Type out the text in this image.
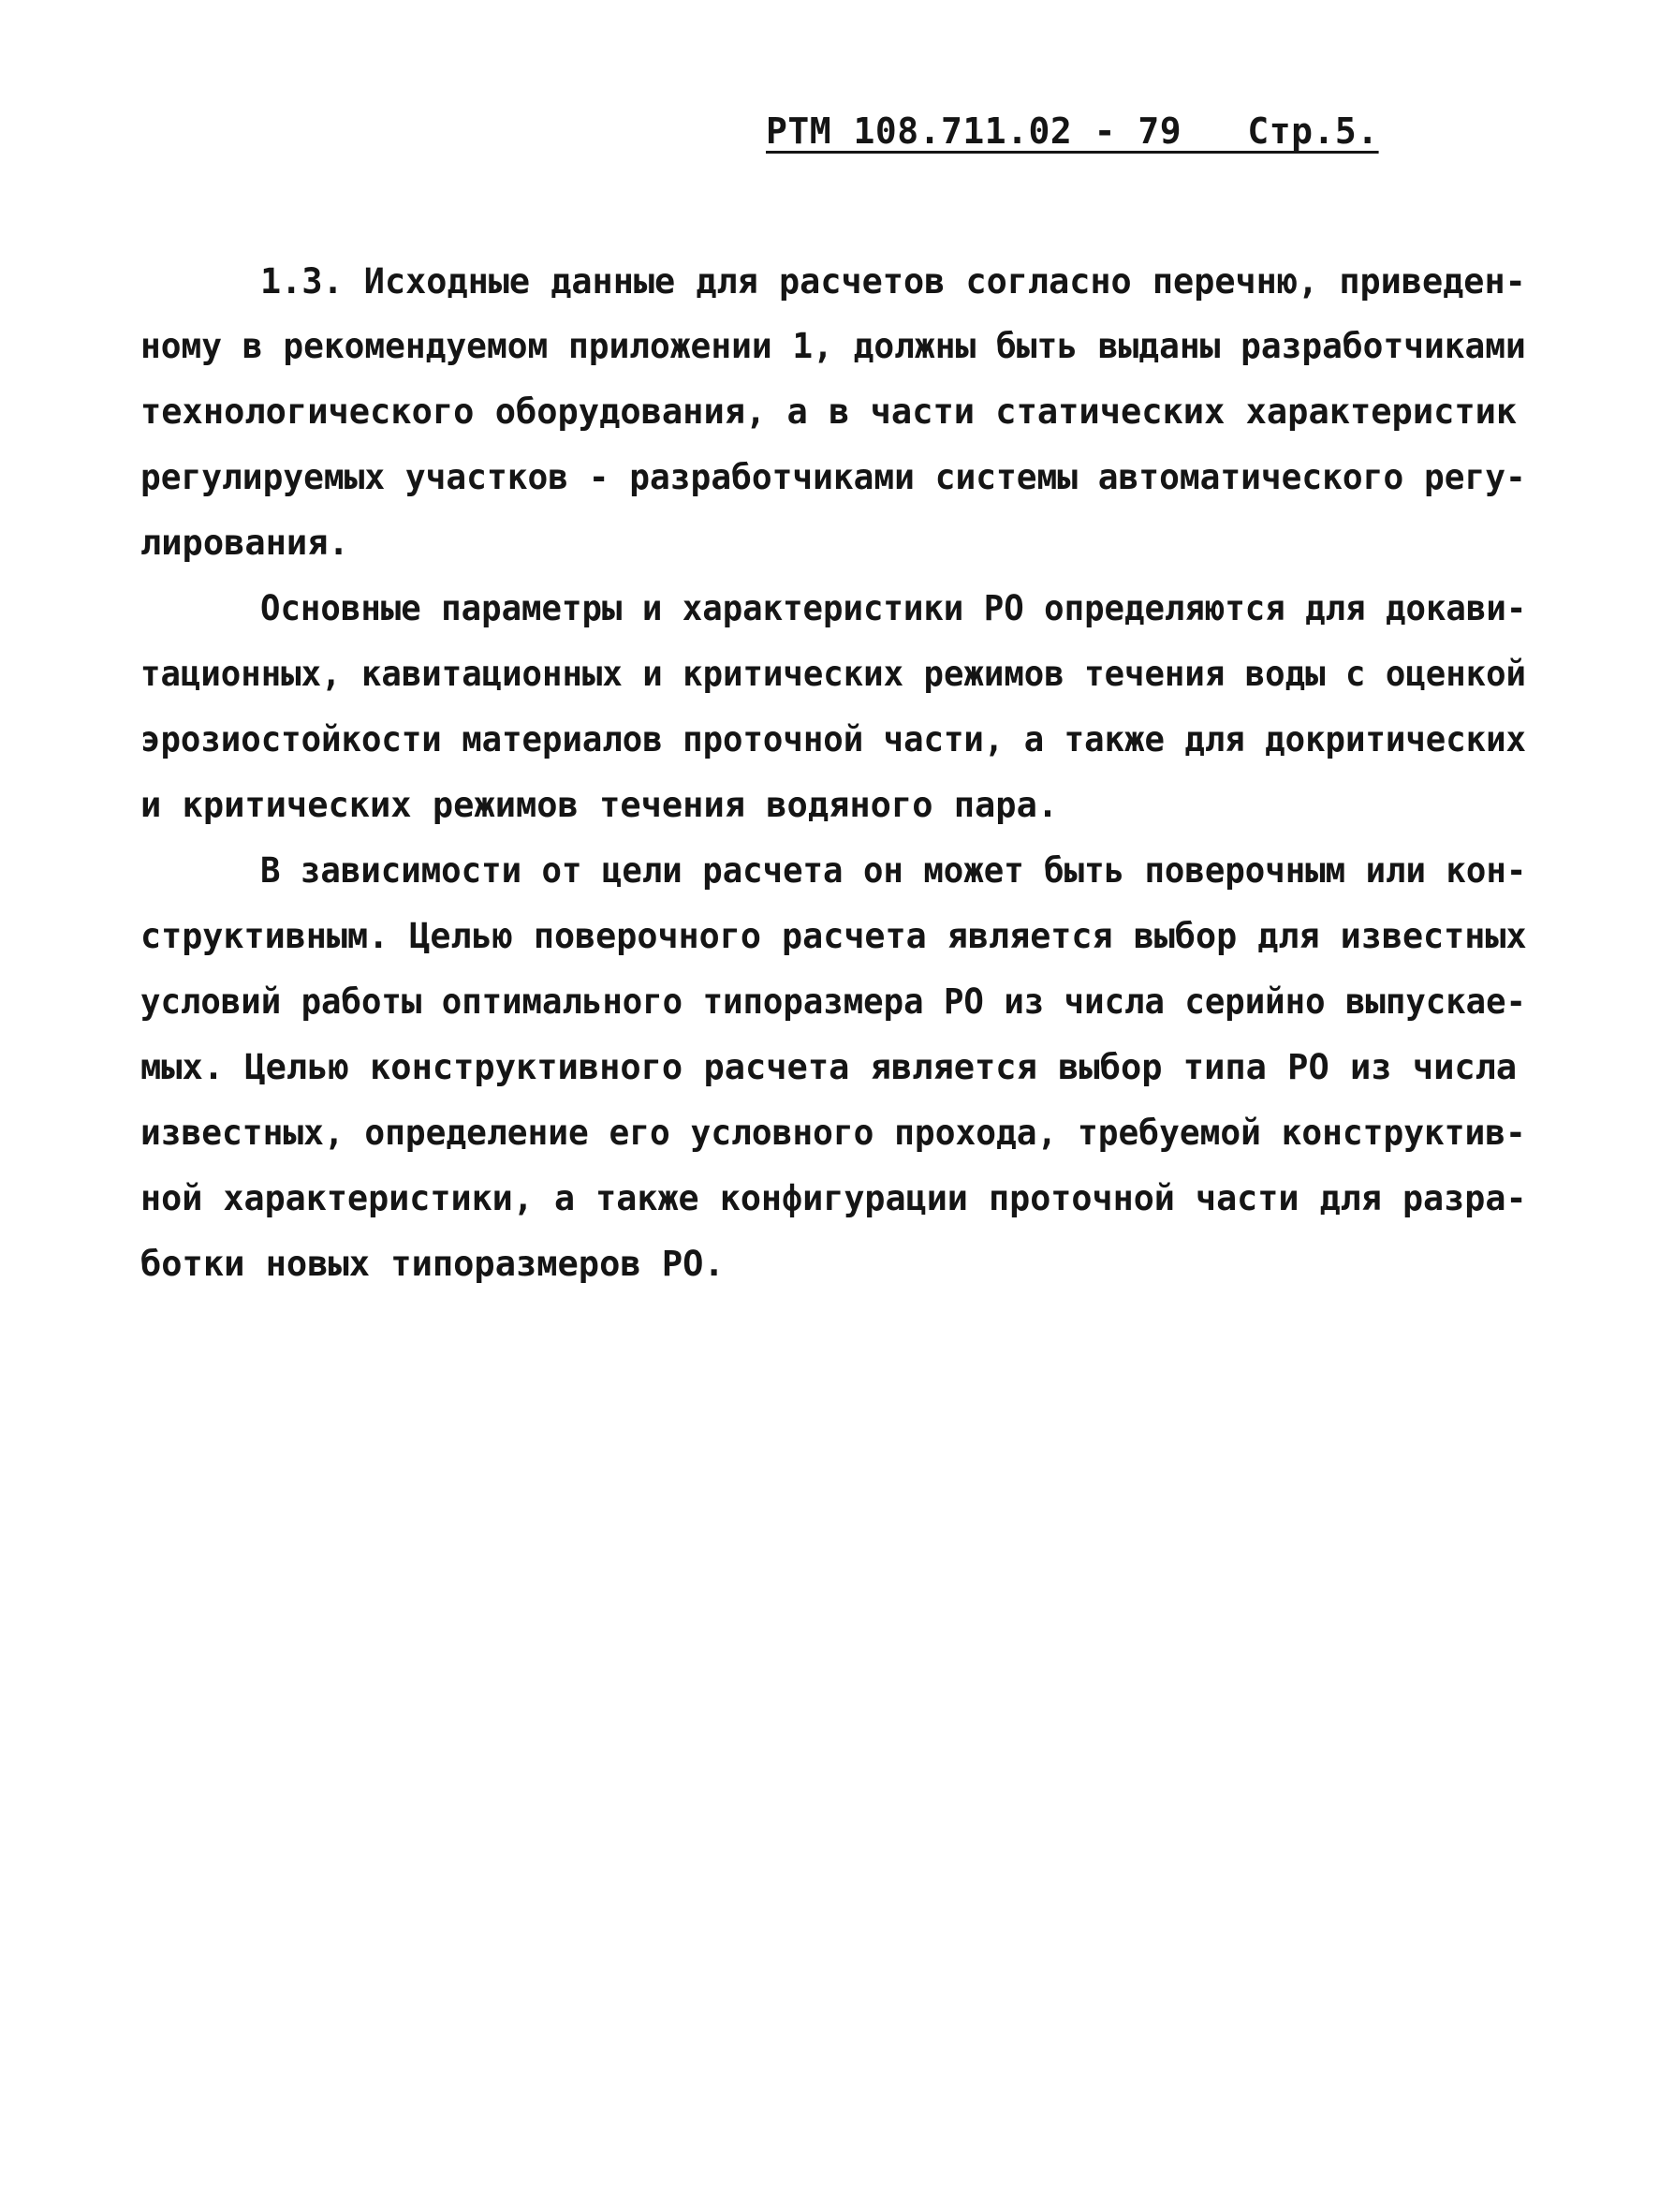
РТМ 108.711.02 - 79   Стр.5.
1.3. Исходные данные для расчетов согласно перечню, приведен-
ному в рекомендуемом приложении 1, должны быть выданы разработчиками
технологического оборудования, а в части статических характеристик
регулируемых участков - разработчиками системы автоматического регу-
лирования.
Основные параметры и характеристики РО определяются для докави-
тационных, кавитационных и критических режимов течения воды с оценкой
эрозиостойкости материалов проточной части, а также для докритических
и критических режимов течения водяного пара.
В зависимости от цели расчета он может быть поверочным или кон-
структивным. Целью поверочного расчета является выбор для известных
условий работы оптимального типоразмера РО из числа серийно выпускае-
мых. Целью конструктивного расчета является выбор типа РО из числа
известных, определение его условного прохода, требуемой конструктив-
ной характеристики, а также конфигурации проточной части для разра-
ботки новых типоразмеров РО.
